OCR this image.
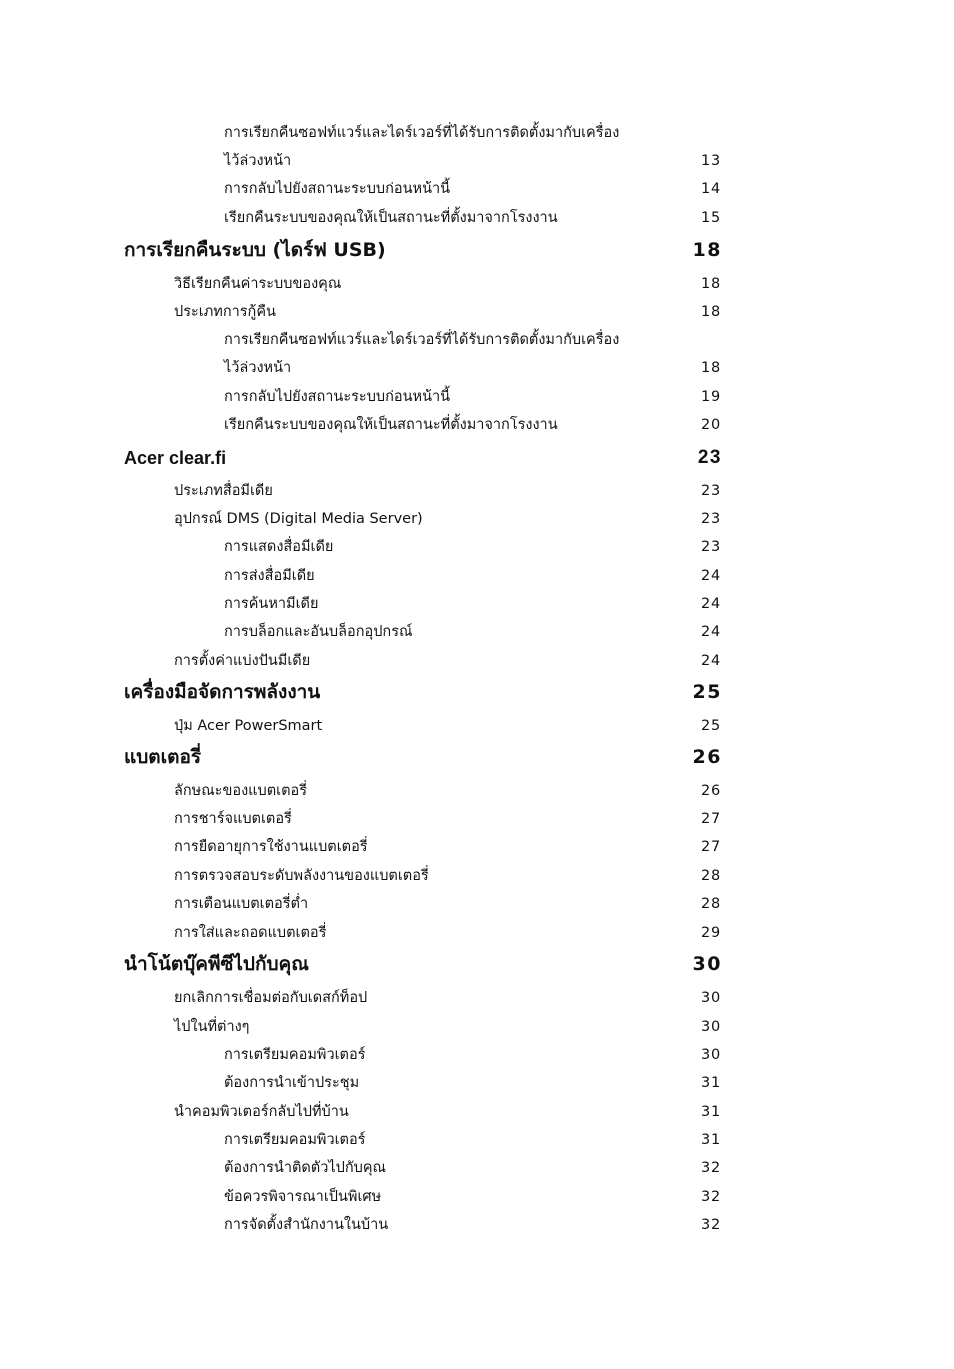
การเรียกคืนซอฟท์แวร์และไดร์เวอร์ที่ได้รับการติดตั้งมากับเครื่อง
ไว้ล่วงหน้า	13
การกลับไปยังสถานะระบบก่อนหน้านี้	14
เรียกคืนระบบของคุณให้เป็นสถานะที่ตั้งมาจากโรงงาน	15
การเรียกคืนระบบ (ไดร์ฟ USB)	18
วิธีเรียกคืนค่าระบบของคุณ	18
ประเภทการกู้คืน	18
การเรียกคืนซอฟท์แวร์และไดร์เวอร์ที่ได้รับการติดตั้งมากับเครื่อง
ไว้ล่วงหน้า	18
การกลับไปยังสถานะระบบก่อนหน้านี้	19
เรียกคืนระบบของคุณให้เป็นสถานะที่ตั้งมาจากโรงงาน	20
Acer clear.fi	23
ประเภทสื่อมีเดีย	23
อุปกรณ์ DMS (Digital Media Server)	23
การแสดงสื่อมีเดีย	23
การส่งสื่อมีเดีย	24
การค้นหามีเดีย	24
การบล็อกและอันบล็อกอุปกรณ์	24
การตั้งค่าแบ่งปันมีเดีย	24
เครื่องมือจัดการพลังงาน	25
ปุ่ม Acer PowerSmart	25
แบตเตอรี่	26
ลักษณะของแบตเตอรี่	26
การชาร์จแบตเตอรี่	27
การยืดอายุการใช้งานแบตเตอรี่	27
การตรวจสอบระดับพลังงานของแบตเตอรี่	28
การเตือนแบตเตอรี่ต่ำ	28
การใส่และถอดแบตเตอรี่	29
นำโน้ตบุ๊คพีซีไปกับคุณ	30
ยกเลิกการเชื่อมต่อกับเดสก์ท็อป	30
ไปในที่ต่างๆ	30
การเตรียมคอมพิวเตอร์	30
ต้องการนำเข้าประชุม	31
นำคอมพิวเตอร์กลับไปที่บ้าน	31
การเตรียมคอมพิวเตอร์	31
ต้องการนำติดตัวไปกับคุณ	32
ข้อควรพิจารณาเป็นพิเศษ	32
การจัดตั้งสำนักงานในบ้าน	32
